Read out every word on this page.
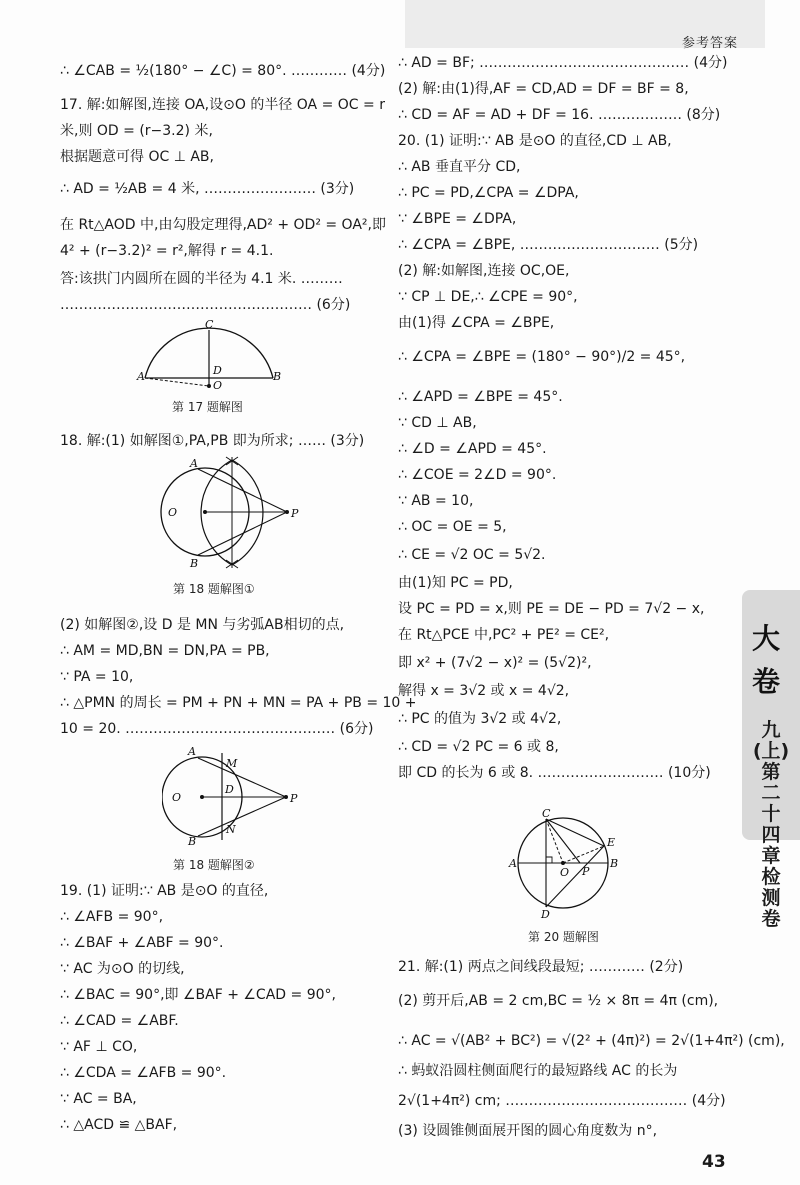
参考答案
∴ ∠CAB = ½(180° − ∠C) = 80°. ………… (4分)
17. 解:如解图,连接 OA,设⊙O 的半径 OA = OC = r
米,则 OD = (r−3.2) 米,
根据题意可得 OC ⊥ AB,
∴ AD = ½AB = 4 米, …………………… (3分)
在 Rt△AOD 中,由勾股定理得,AD² + OD² = OA²,即
4² + (r−3.2)² = r²,解得 r = 4.1.
答:该拱门内圆所在圆的半径为 4.1 米. ………
……………………………………………… (6分)
18. 解:(1) 如解图①,PA,PB 即为所求; …… (3分)
(2) 如解图②,设 D 是 MN 与劣弧AB相切的点,
∴ AM = MD,BN = DN,PA = PB,
∵ PA = 10,
∴ △PMN 的周长 = PM + PN + MN = PA + PB = 10 +
10 = 20. ……………………………………… (6分)
19. (1) 证明:∵ AB 是⊙O 的直径,
∴ ∠AFB = 90°,
∴ ∠BAF + ∠ABF = 90°.
∵ AC 为⊙O 的切线,
∴ ∠BAC = 90°,即 ∠BAF + ∠CAD = 90°,
∴ ∠CAD = ∠ABF.
∵ AF ⊥ CO,
∴ ∠CDA = ∠AFB = 90°.
∵ AC = BA,
∴ △ACD ≌ △BAF,
C
D
A
O
B
第 17 题解图
A
O	P
B
第 18 题解图①
A
M
O
D
P
B
N
第 18 题解图②
∴ AD = BF; ……………………………………… (4分)
(2) 解:由(1)得,AF = CD,AD = DF = BF = 8,
∴ CD = AF = AD + DF = 16. ……………… (8分)
20. (1) 证明:∵ AB 是⊙O 的直径,CD ⊥ AB,
∴ AB 垂直平分 CD,
∴ PC = PD,∠CPA = ∠DPA,
∵ ∠BPE = ∠DPA,
∴ ∠CPA = ∠BPE, ………………………… (5分)
(2) 解:如解图,连接 OC,OE,
∵ CP ⊥ DE,∴ ∠CPE = 90°,
由(1)得 ∠CPA = ∠BPE,
∴ ∠CPA = ∠BPE = (180° − 90°)/2 = 45°,
∴ ∠APD = ∠BPE = 45°.
∵ CD ⊥ AB,
∴ ∠D = ∠APD = 45°.
∴ ∠COE = 2∠D = 90°.
∵ AB = 10,
∴ OC = OE = 5,
∴ CE = √2 OC = 5√2.
由(1)知 PC = PD,
设 PC = PD = x,则 PE = DE − PD = 7√2 − x,
在 Rt△PCE 中,PC² + PE² = CE²,
即 x² + (7√2 − x)² = (5√2)²,
解得 x = 3√2 或 x = 4√2,
∴ PC 的值为 3√2 或 4√2,
∴ CD = √2 PC = 6 或 8,
即 CD 的长为 6 或 8. ……………………… (10分)
21. 解:(1) 两点之间线段最短; ………… (2分)
(2) 剪开后,AB = 2 cm,BC = ½ × 8π = 4π (cm),
∴ AC = √(AB² + BC²) = √(2² + (4π)²) = 2√(1+4π²) (cm),
∴ 蚂蚁沿圆柱侧面爬行的最短路线 AC 的长为
2√(1+4π²) cm; ………………………………… (4分)
(3) 设圆锥侧面展开图的圆心角度数为 n°,
C
E
A
O P
B
D
第 20 题解图
大
卷
九
(上)
第
二
十
四
章
检
测
卷
43
